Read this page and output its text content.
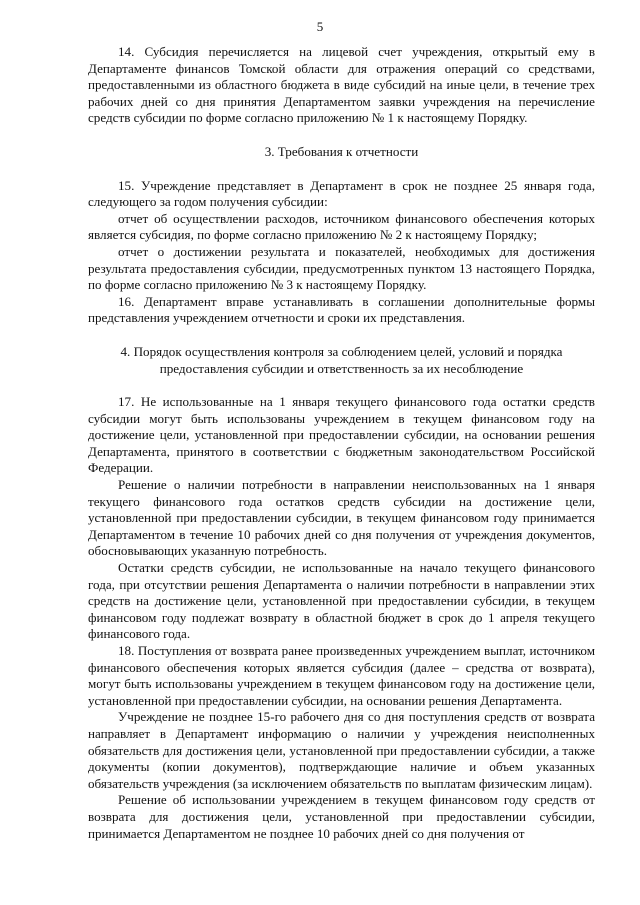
5

14. Субсидия перечисляется на лицевой счет учреждения, открытый ему в Департаменте финансов Томской области для отражения операций со средствами, предоставленными из областного бюджета в виде субсидий на иные цели, в течение трех рабочих дней со дня принятия Департаментом заявки учреждения на перечисление средств субсидии по форме согласно приложению № 1 к настоящему Порядку.

3. Требования к отчетности

15. Учреждение представляет в Департамент в срок не позднее 25 января года, следующего за годом получения субсидии:

отчет об осуществлении расходов, источником финансового обеспечения которых является субсидия, по форме согласно приложению № 2 к настоящему Порядку;

отчет о достижении результата и показателей, необходимых для достижения результата предоставления субсидии, предусмотренных пунктом 13 настоящего Порядка, по форме согласно приложению № 3 к настоящему Порядку.

16. Департамент вправе устанавливать в соглашении дополнительные формы представления учреждением отчетности и сроки их представления.

4. Порядок осуществления контроля за соблюдением целей, условий и порядка предоставления субсидии и ответственность за их несоблюдение

17. Не использованные на 1 января текущего финансового года остатки средств субсидии могут быть использованы учреждением в текущем финансовом году на достижение цели, установленной при предоставлении субсидии, на основании решения Департамента, принятого в соответствии с бюджетным законодательством Российской Федерации.

Решение о наличии потребности в направлении неиспользованных на 1 января текущего финансового года остатков средств субсидии на достижение цели, установленной при предоставлении субсидии, в текущем финансовом году принимается Департаментом в течение 10 рабочих дней со дня получения от учреждения документов, обосновывающих указанную потребность.

Остатки средств субсидии, не использованные на начало текущего финансового года, при отсутствии решения Департамента о наличии потребности в направлении этих средств на достижение цели, установленной при предоставлении субсидии, в текущем финансовом году подлежат возврату в областной бюджет в срок до 1 апреля текущего финансового года.

18. Поступления от возврата ранее произведенных учреждением выплат, источником финансового обеспечения которых является субсидия (далее – средства от возврата), могут быть использованы учреждением в текущем финансовом году на достижение цели, установленной при предоставлении субсидии, на основании решения Департамента.

Учреждение не позднее 15-го рабочего дня со дня поступления средств от возврата направляет в Департамент информацию о наличии у учреждения неисполненных обязательств для достижения цели, установленной при предоставлении субсидии, а также документы (копии документов), подтверждающие наличие и объем указанных обязательств учреждения (за исключением обязательств по выплатам физическим лицам).

Решение об использовании учреждением в текущем финансовом году средств от возврата для достижения цели, установленной при предоставлении субсидии, принимается Департаментом не позднее 10 рабочих дней со дня получения от
